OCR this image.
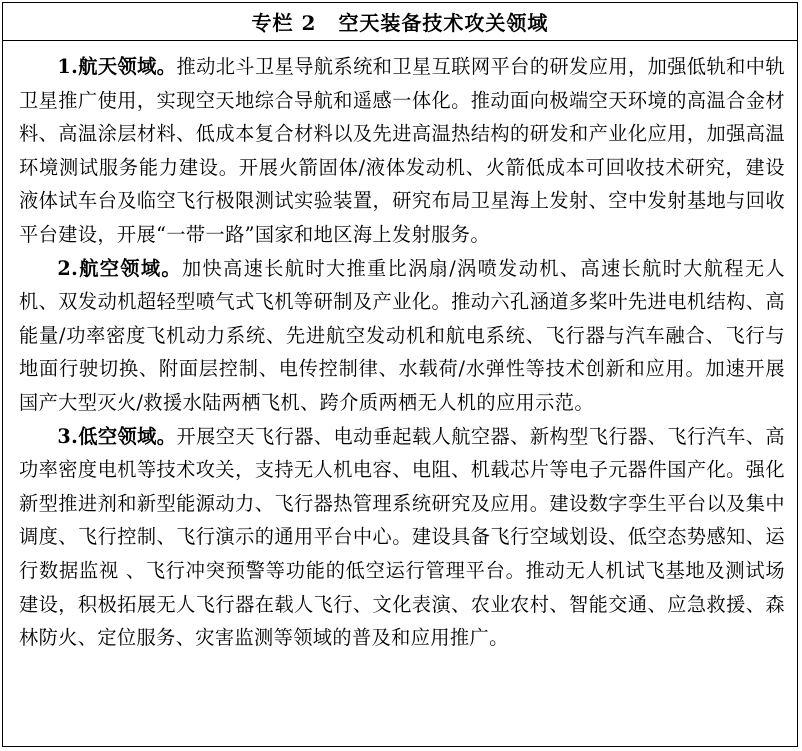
专栏 2 空天装备技术攻关领域

1.航天领域。推动北斗卫星导航系统和卫星互联网平台的研发应用，加强低轨和中轨卫星推广使用，实现空天地综合导航和遥感一体化。推动面向极端空天环境的高温合金材料、高温涂层材料、低成本复合材料以及先进高温热结构的研发和产业化应用，加强高温环境测试服务能力建设。开展火箭固体/液体发动机、火箭低成本可回收技术研究，建设液体试车台及临空飞行极限测试实验装置，研究布局卫星海上发射、空中发射基地与回收平台建设，开展“一带一路”国家和地区海上发射服务。

2.航空领域。加快高速长航时大推重比涡扇/涡喷发动机、高速长航时大航程无人机、双发动机超轻型喷气式飞机等研制及产业化。推动六孔涵道多桨叶先进电机结构、高能量/功率密度飞机动力系统、先进航空发动机和航电系统、飞行器与汽车融合、飞行与地面行驶切换、附面层控制、电传控制律、水载荷/水弹性等技术创新和应用。加速开展国产大型灭火/救援水陆两栖飞机、跨介质两栖无人机的应用示范。

3.低空领域。开展空天飞行器、电动垂起载人航空器、新构型飞行器、飞行汽车、高功率密度电机等技术攻关，支持无人机电容、电阻、机载芯片等电子元器件国产化。强化新型推进剂和新型能源动力、飞行器热管理系统研究及应用。建设数字孪生平台以及集中调度、飞行控制、飞行演示的通用平台中心。建设具备飞行空域划设、低空态势感知、运行数据监视 、飞行冲突预警等功能的低空运行管理平台。推动无人机试飞基地及测试场建设，积极拓展无人飞行器在载人飞行、文化表演、农业农村、智能交通、应急救援、森林防火、定位服务、灾害监测等领域的普及和应用推广。
